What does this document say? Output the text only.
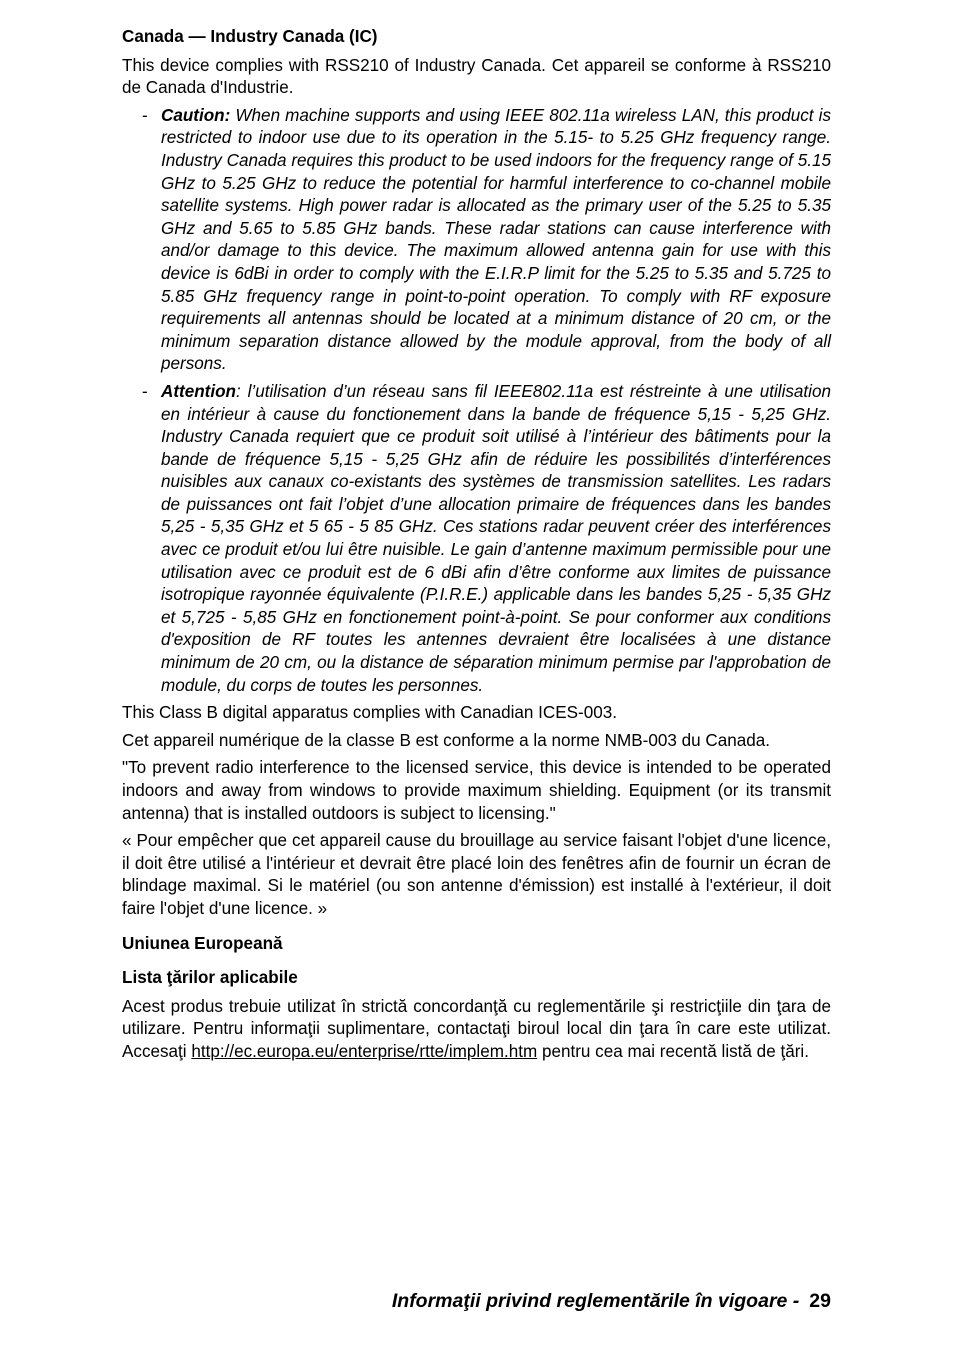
Canada — Industry Canada (IC)

This device complies with RSS210 of Industry Canada. Cet appareil se conforme à RSS210 de Canada d'Industrie.

- Caution: When machine supports and using IEEE 802.11a wireless LAN, this product is restricted to indoor use due to its operation in the 5.15- to 5.25 GHz frequency range. Industry Canada requires this product to be used indoors for the frequency range of 5.15 GHz to 5.25 GHz to reduce the potential for harmful interference to co-channel mobile satellite systems. High power radar is allocated as the primary user of the 5.25 to 5.35 GHz and 5.65 to 5.85 GHz bands. These radar stations can cause interference with and/or damage to this device. The maximum allowed antenna gain for use with this device is 6dBi in order to comply with the E.I.R.P limit for the 5.25 to 5.35 and 5.725 to 5.85 GHz frequency range in point-to-point operation. To comply with RF exposure requirements all antennas should be located at a minimum distance of 20 cm, or the minimum separation distance allowed by the module approval, from the body of all persons.
- Attention: l’utilisation d’un réseau sans fil IEEE802.11a est réstreinte à une utilisation en intérieur à cause du fonctionement dans la bande de fréquence 5,15 - 5,25 GHz. Industry Canada requiert que ce produit soit utilisé à l’intérieur des bâtiments pour la bande de fréquence 5,15 - 5,25 GHz afin de réduire les possibilités d’interférences nuisibles aux canaux co-existants des systèmes de transmission satellites. Les radars de puissances ont fait l’objet d’une allocation primaire de fréquences dans les bandes 5,25 - 5,35 GHz et 5 65 - 5 85 GHz. Ces stations radar peuvent créer des interférences avec ce produit et/ou lui être nuisible. Le gain d’antenne maximum permissible pour une utilisation avec ce produit est de 6 dBi afin d’être conforme aux limites de puissance isotropique rayonnée équivalente (P.I.R.E.) applicable dans les bandes 5,25 - 5,35 GHz et 5,725 - 5,85 GHz en fonctionement point-à-point. Se pour conformer aux conditions d'exposition de RF toutes les antennes devraient être localisées à une distance minimum de 20 cm, ou la distance de séparation minimum permise par l'approbation de module, du corps de toutes les personnes.

This Class B digital apparatus complies with Canadian ICES-003.

Cet appareil numérique de la classe B est conforme a la norme NMB-003 du Canada.

"To prevent radio interference to the licensed service, this device is intended to be operated indoors and away from windows to provide maximum shielding. Equipment (or its transmit antenna) that is installed outdoors is subject to licensing."

« Pour empêcher que cet appareil cause du brouillage au service faisant l'objet d'une licence, il doit être utilisé a l'intérieur et devrait être placé loin des fenêtres afin de fournir un écran de blindage maximal. Si le matériel (ou son antenne d'émission) est installé à l'extérieur, il doit faire l'objet d'une licence. »

Uniunea Europeană
Lista ţărilor aplicabile

Acest produs trebuie utilizat în strictă concordanţă cu reglementările şi restricţiile din ţara de utilizare. Pentru informaţii suplimentare, contactaţi biroul local din ţara în care este utilizat. Accesaţi http://ec.europa.eu/enterprise/rtte/implem.htm pentru cea mai recentă listă de ţări.

Informaţii privind reglementările în vigoare - 29
